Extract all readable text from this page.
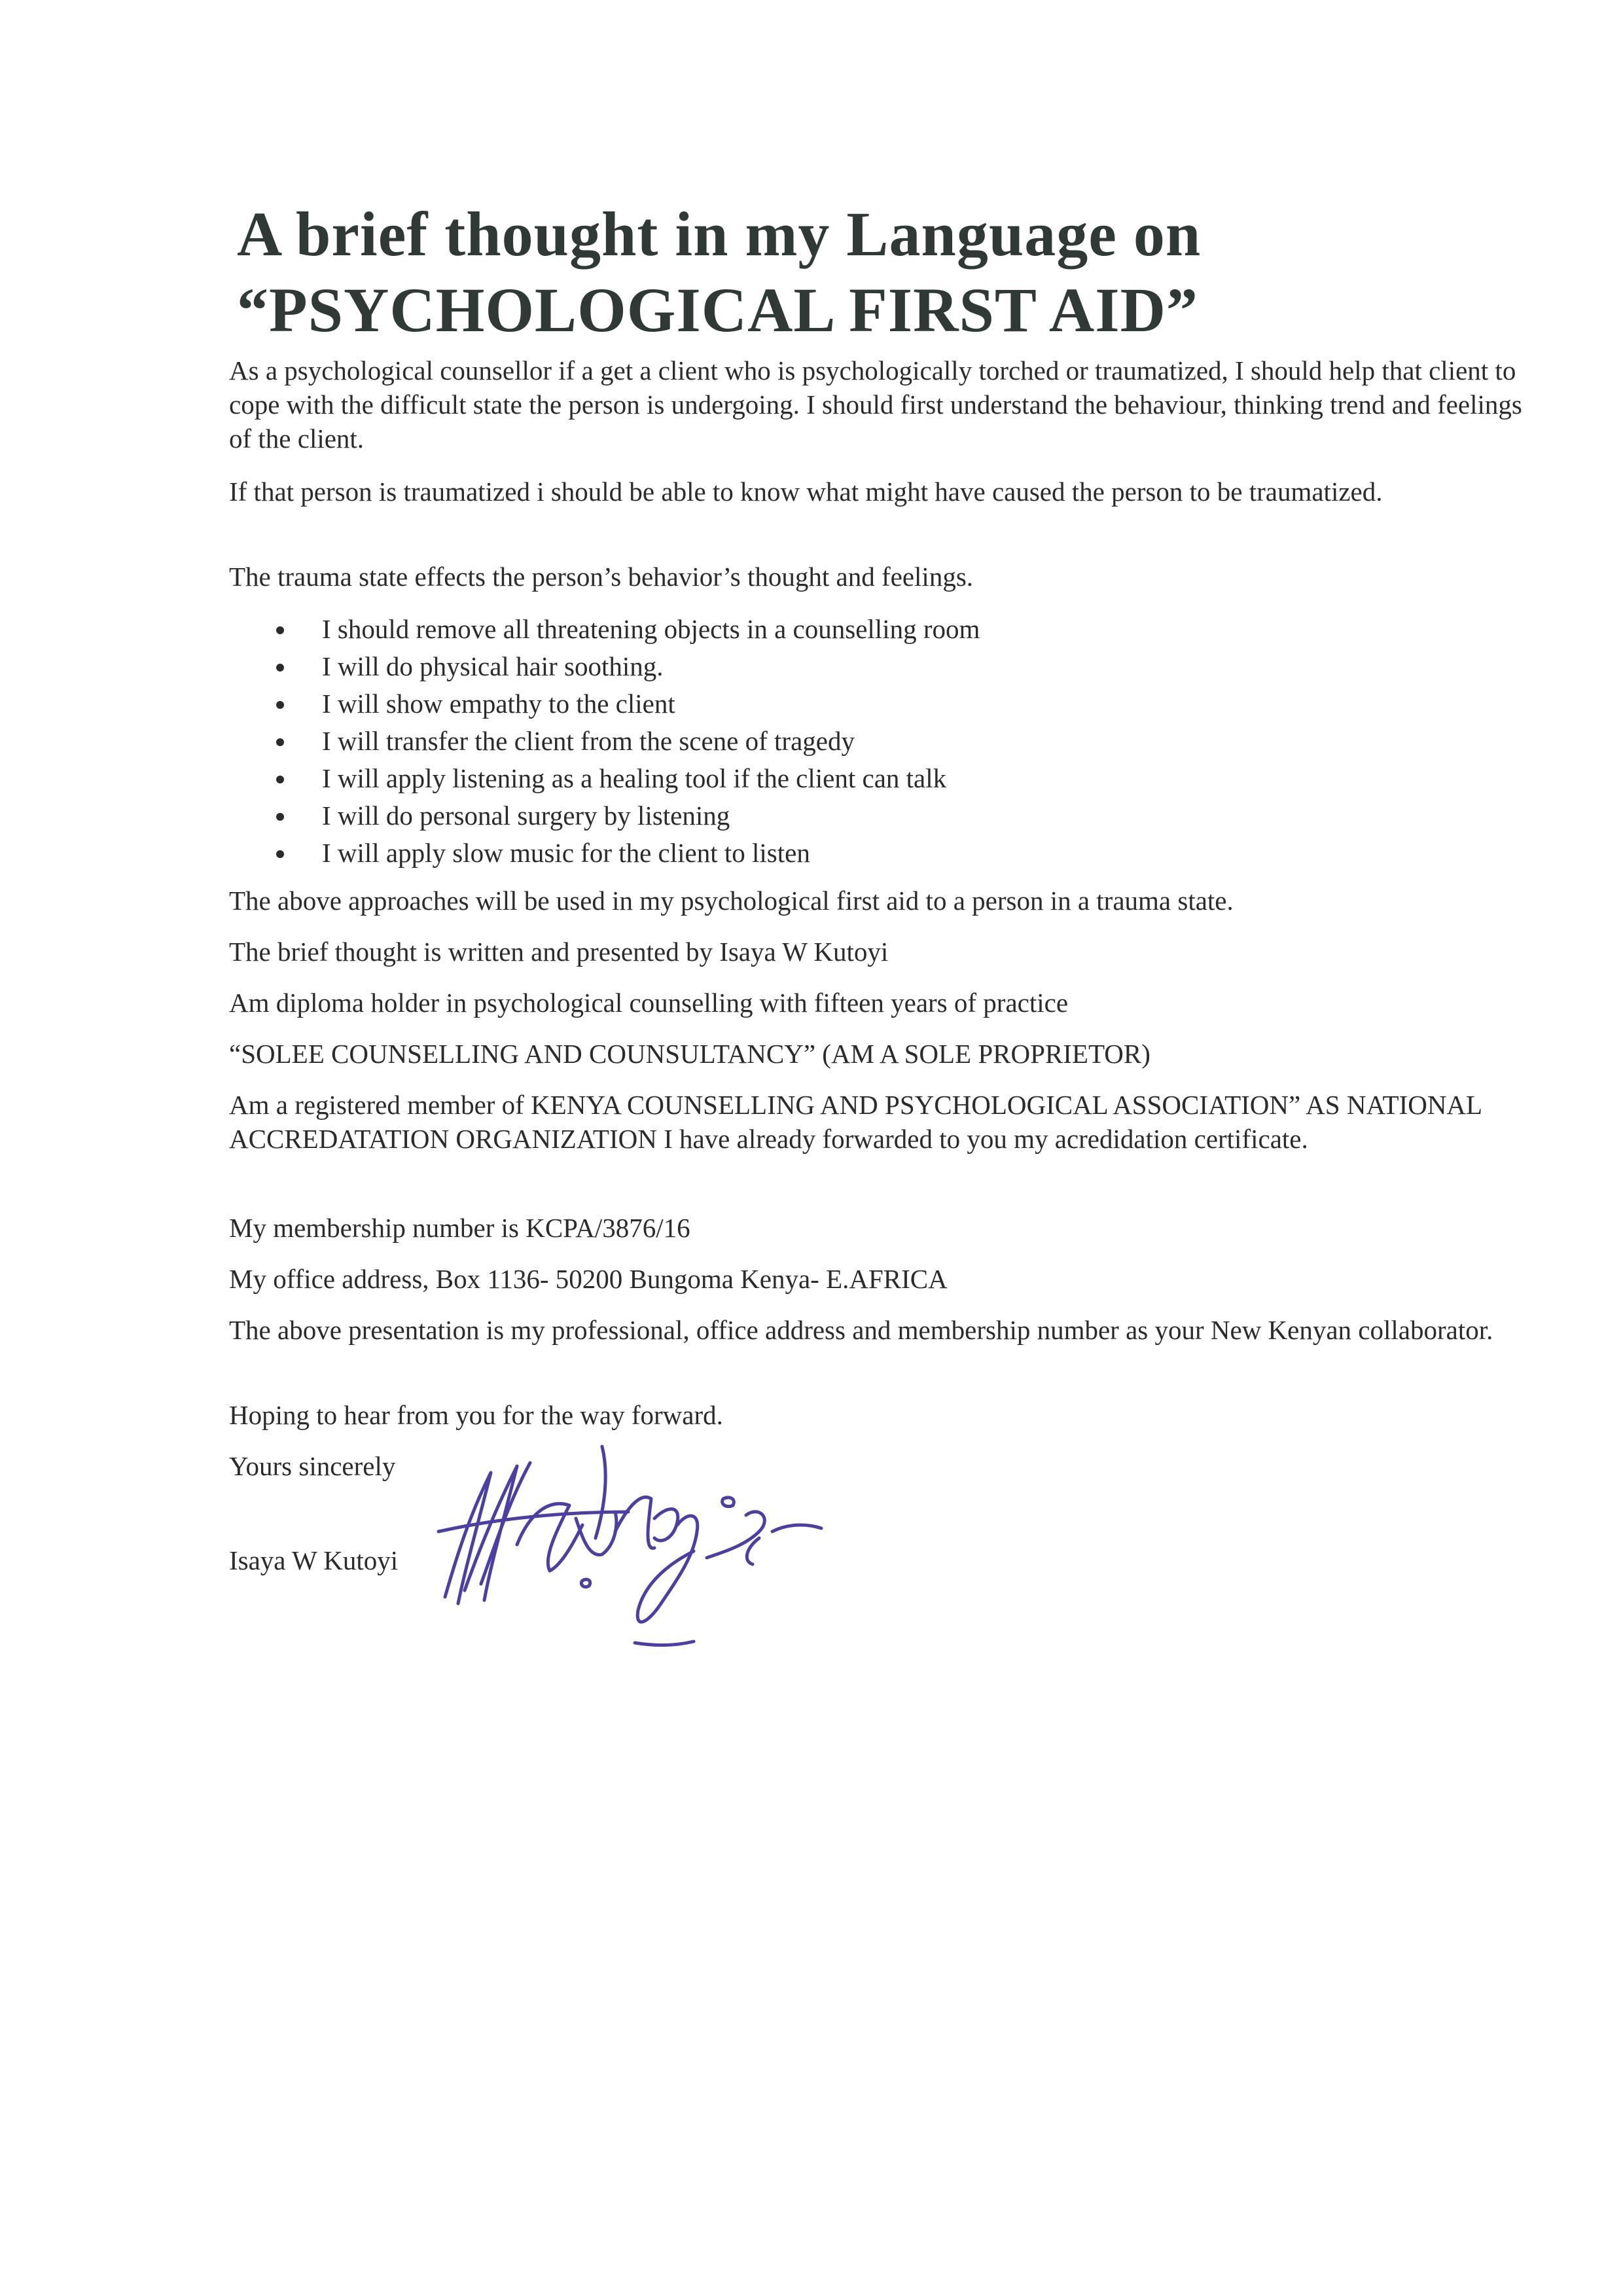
A brief thought in my Language on
“PSYCHOLOGICAL FIRST AID”

As a psychological counsellor if a get a client who is psychologically torched or traumatized, I should help that client to cope with the difficult state the person is undergoing. I should first understand the behaviour, thinking trend and feelings of the client.

If that person is traumatized i should be able to know what might have caused the person to be traumatized.

The trauma state effects the person’s behavior’s thought and feelings.

I should remove all threatening objects in a counselling room
I will do physical hair soothing.
I will show empathy to the client
I will transfer the client from the scene of tragedy
I will apply listening as a healing tool if the client can talk
I will do personal surgery by listening
I will apply slow music for the client to listen

The above approaches will be used in my psychological first aid to a person in a trauma state.

The brief thought is written and presented by Isaya W Kutoyi

Am diploma holder in psychological counselling with fifteen years of practice

“SOLEE COUNSELLING AND COUNSULTANCY” (AM A SOLE PROPRIETOR)

Am a registered member of KENYA COUNSELLING AND PSYCHOLOGICAL ASSOCIATION” AS NATIONAL ACCREDATATION ORGANIZATION I have already forwarded to you my acredidation certificate.

My membership number is KCPA/3876/16

My office address, Box 1136- 50200 Bungoma Kenya- E.AFRICA

The above presentation is my professional, office address and membership number as your New Kenyan collaborator.

Hoping to hear from you for the way forward.

Yours sincerely

Isaya W Kutoyi
